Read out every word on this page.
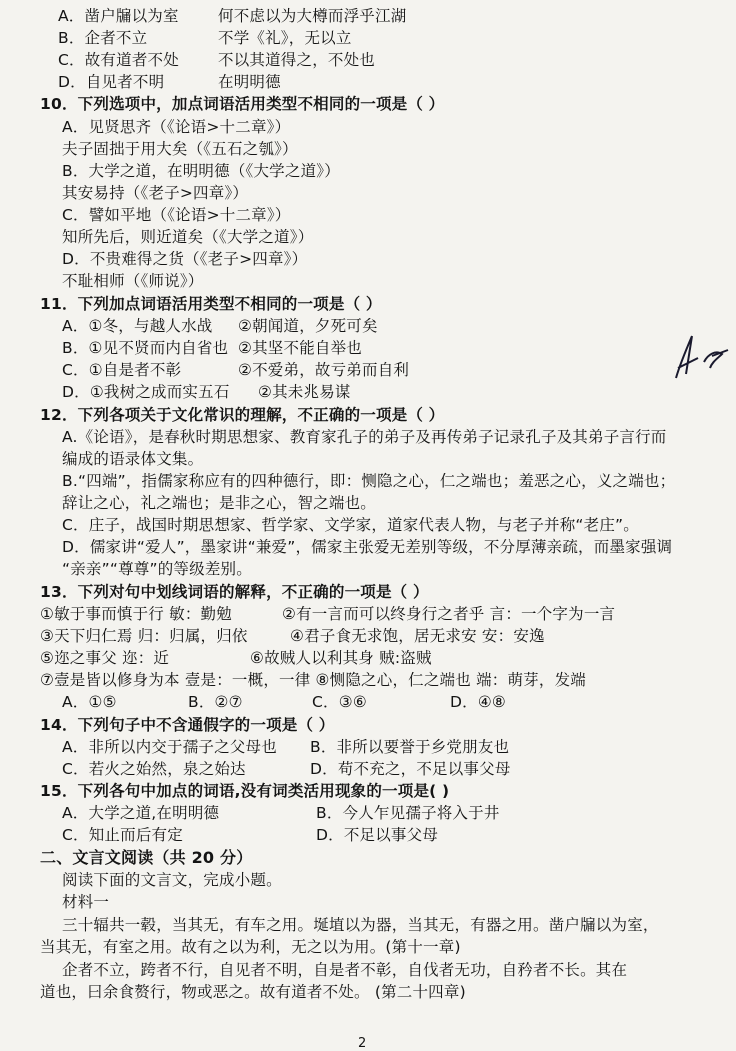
A．凿户牖以为室	何不虑以为大樽而浮乎江湖
B．企者不立	不学《礼》，无以立
C．故有道者不处	不以其道得之，不处也
D．自见者不明	在明明德
10．下列选项中，加点词语活用类型不相同的一项是（ ）
A．见贤思齐（《论语>十二章》）
夫子固拙于用大矣（《五石之瓠》）
B．大学之道，在明明德（《大学之道》）
其安易持（《老子>四章》）
C．譬如平地（《论语>十二章》）
知所先后，则近道矣（《大学之道》）
D．不贵难得之货（《老子>四章》）
不耻相师（《师说》）
11．下列加点词语活用类型不相同的一项是（ ）
A．①冬，与越人水战 ②朝闻道，夕死可矣
B．①见不贤而内自省也 ②其坚不能自举也
C．①自是者不彰	②不爱弟，故亏弟而自利
D．①我树之成而实五石 ②其未兆易谋
12．下列各项关于文化常识的理解，不正确的一项是（ ）
A.《论语》，是春秋时期思想家、教育家孔子的弟子及再传弟子记录孔子及其弟子言行而
编成的语录体文集。
B.“四端”，指儒家称应有的四种德行，即：恻隐之心，仁之端也；羞恶之心，义之端也；
辞让之心，礼之端也；是非之心，智之端也。
C．庄子，战国时期思想家、哲学家、文学家，道家代表人物，与老子并称“老庄”。
D．儒家讲“爱人”，墨家讲“兼爱”，儒家主张爱无差别等级，不分厚薄亲疏，而墨家强调
“亲亲”“尊尊”的等级差别。
13．下列对句中划线词语的解释，不正确的一项是（ ）
①敏于事而慎于行 敏：勤勉	②有一言而可以终身行之者乎 言：一个字为一言
③天下归仁焉 归：归属，归依	④君子食无求饱，居无求安 安：安逸
⑤迩之事父 迩：近	⑥故贼人以利其身 贼:盗贼
⑦壹是皆以修身为本 壹是：一概，一律 ⑧恻隐之心，仁之端也 端：萌芽，发端
A．①⑤	B．②⑦	C．③⑥	D．④⑧
14．下列句子中不含通假字的一项是（ ）
A．非所以内交于孺子之父母也 B．非所以要誉于乡党朋友也
C．若火之始然，泉之始达	D．苟不充之，不足以事父母
15．下列各句中加点的词语,没有词类活用现象的一项是( )
A．大学之道,在明明德	B．今人乍见孺子将入于井
C．知止而后有定	D．不足以事父母
二、文言文阅读（共 20 分）
阅读下面的文言文，完成小题。
材料一
三十辐共一毂，当其无，有车之用。埏埴以为器，当其无，有器之用。凿户牖以为室，
当其无，有室之用。故有之以为利，无之以为用。(第十一章)
企者不立，跨者不行，自见者不明，自是者不彰，自伐者无功，自矜者不长。其在
道也，曰余食赘行，物或恶之。故有道者不处。 (第二十四章)
2
